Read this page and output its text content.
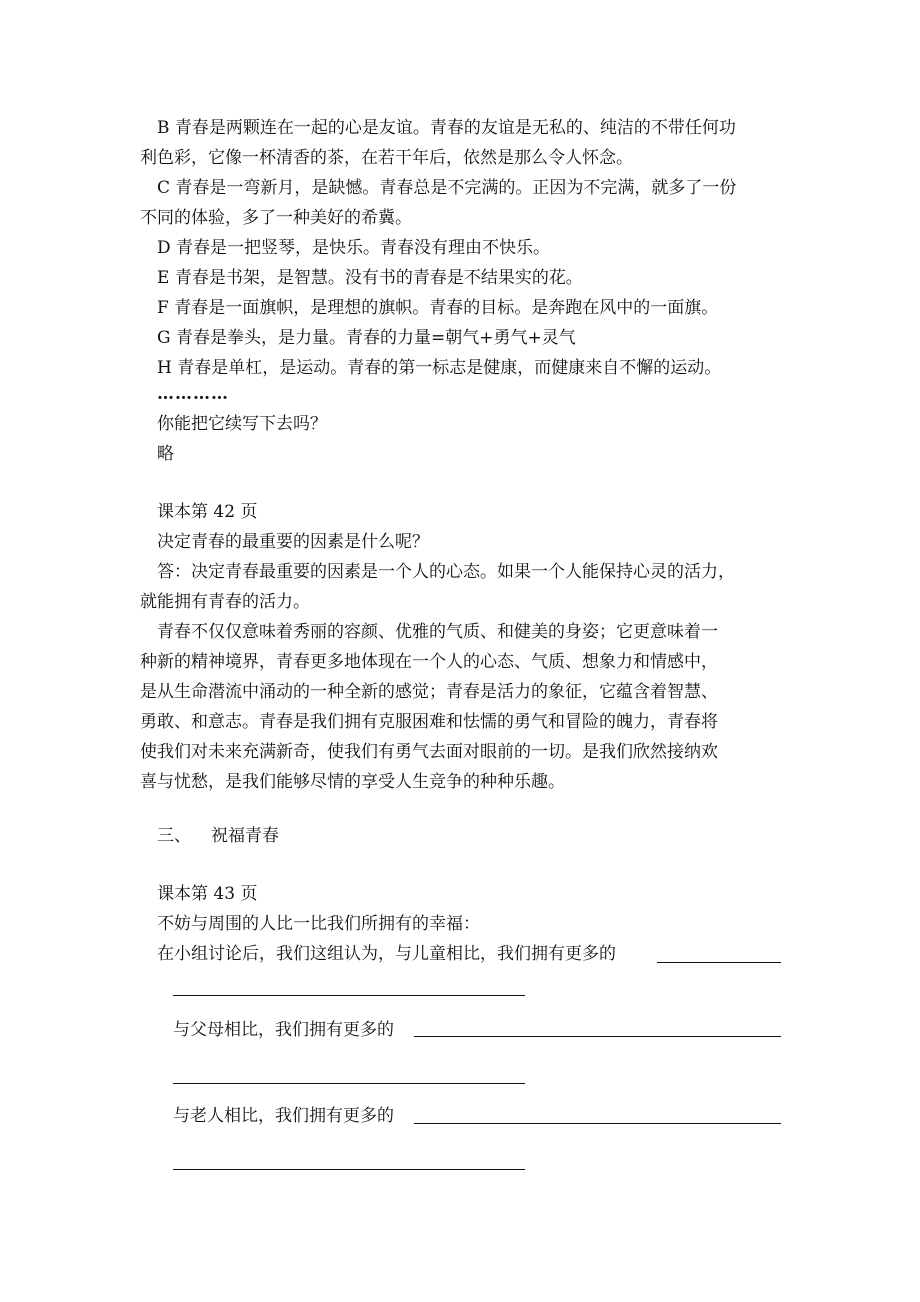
B 青春是两颗连在一起的心是友谊。青春的友谊是无私的、纯洁的不带任何功
利色彩，它像一杯清香的茶，在若干年后，依然是那么令人怀念。
C 青春是一弯新月，是缺憾。青春总是不完满的。正因为不完满，就多了一份
不同的体验，多了一种美好的希冀。
D 青春是一把竖琴，是快乐。青春没有理由不快乐。
E 青春是书架，是智慧。没有书的青春是不结果实的花。
F 青春是一面旗帜，是理想的旗帜。青春的目标。是奔跑在风中的一面旗。
G 青春是拳头，是力量。青春的力量=朝气+勇气+灵气
H 青春是单杠，是运动。青春的第一标志是健康，而健康来自不懈的运动。
…………
你能把它续写下去吗？
略
课本第 42 页
决定青春的最重要的因素是什么呢？
答：决定青春最重要的因素是一个人的心态。如果一个人能保持心灵的活力，
就能拥有青春的活力。
青春不仅仅意味着秀丽的容颜、优雅的气质、和健美的身姿；它更意味着一
种新的精神境界，青春更多地体现在一个人的心态、气质、想象力和情感中，
是从生命潜流中涌动的一种全新的感觉；青春是活力的象征，它蕴含着智慧、
勇敢、和意志。青春是我们拥有克服困难和怯懦的勇气和冒险的魄力，青春将
使我们对未来充满新奇，使我们有勇气去面对眼前的一切。是我们欣然接纳欢
喜与忧愁，是我们能够尽情的享受人生竞争的种种乐趣。
三、 祝福青春
课本第 43 页
不妨与周围的人比一比我们所拥有的幸福：
在小组讨论后，我们这组认为，与儿童相比，我们拥有更多的
与父母相比，我们拥有更多的
与老人相比，我们拥有更多的
